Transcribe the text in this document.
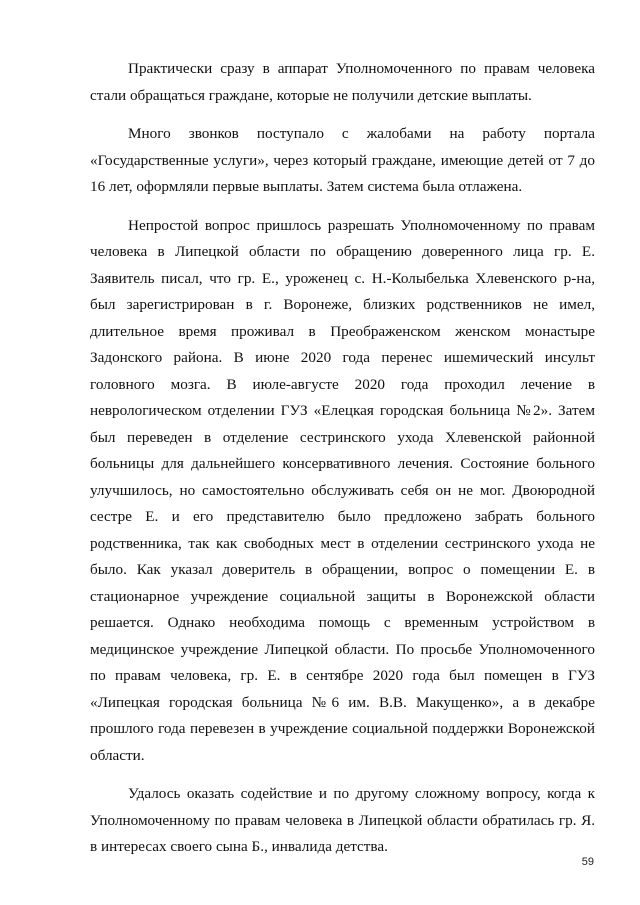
Практически сразу в аппарат Уполномоченного по правам человека стали обращаться граждане, которые не получили детские выплаты.

Много звонков поступало с жалобами на работу портала «Государственные услуги», через который граждане, имеющие детей от 7 до 16 лет, оформляли первые выплаты. Затем система была отлажена.

Непростой вопрос пришлось разрешать Уполномоченному по правам человека в Липецкой области по обращению доверенного лица гр. Е. Заявитель писал, что гр. Е., уроженец с. Н.-Колыбелька Хлевенского р-на, был зарегистрирован в г. Воронеже, близких родственников не имел, длительное время проживал в Преображенском женском монастыре Задонского района. В июне 2020 года перенес ишемический инсульт головного мозга. В июле-августе 2020 года проходил лечение в неврологическом отделении ГУЗ «Елецкая городская больница №2». Затем был переведен в отделение сестринского ухода Хлевенской районной больницы для дальнейшего консервативного лечения. Состояние больного улучшилось, но самостоятельно обслуживать себя он не мог. Двоюродной сестре Е. и его представителю было предложено забрать больного родственника, так как свободных мест в отделении сестринского ухода не было. Как указал доверитель в обращении, вопрос о помещении Е. в стационарное учреждение социальной защиты в Воронежской области решается. Однако необходима помощь с временным устройством в медицинское учреждение Липецкой области. По просьбе Уполномоченного по правам человека, гр. Е. в сентябре 2020 года был помещен в ГУЗ «Липецкая городская больница №6 им. В.В. Макущенко», а в декабре прошлого года перевезен в учреждение социальной поддержки Воронежской области.

Удалось оказать содействие и по другому сложному вопросу, когда к Уполномоченному по правам человека в Липецкой области обратилась гр. Я. в интересах своего сына Б., инвалида детства.

59
